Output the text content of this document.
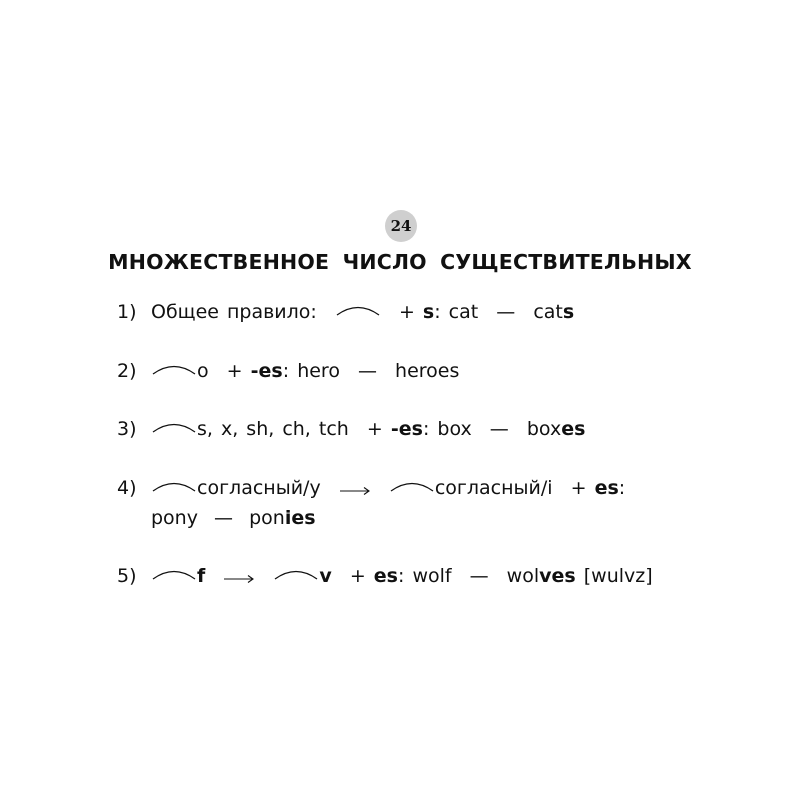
24
МНОЖЕСТВЕННОЕ ЧИСЛО СУЩЕСТВИТЕЛЬНЫХ
1) Общее правило:	+ s: cat — cats
2)	o + -es: hero — heroes
3)	s, x, sh, ch, tch + -es: box — boxes
4)	согласный/y
	согласный/i + es:
pony — ponies
5)	f
	v + es: wolf — wolves [wulvz]
